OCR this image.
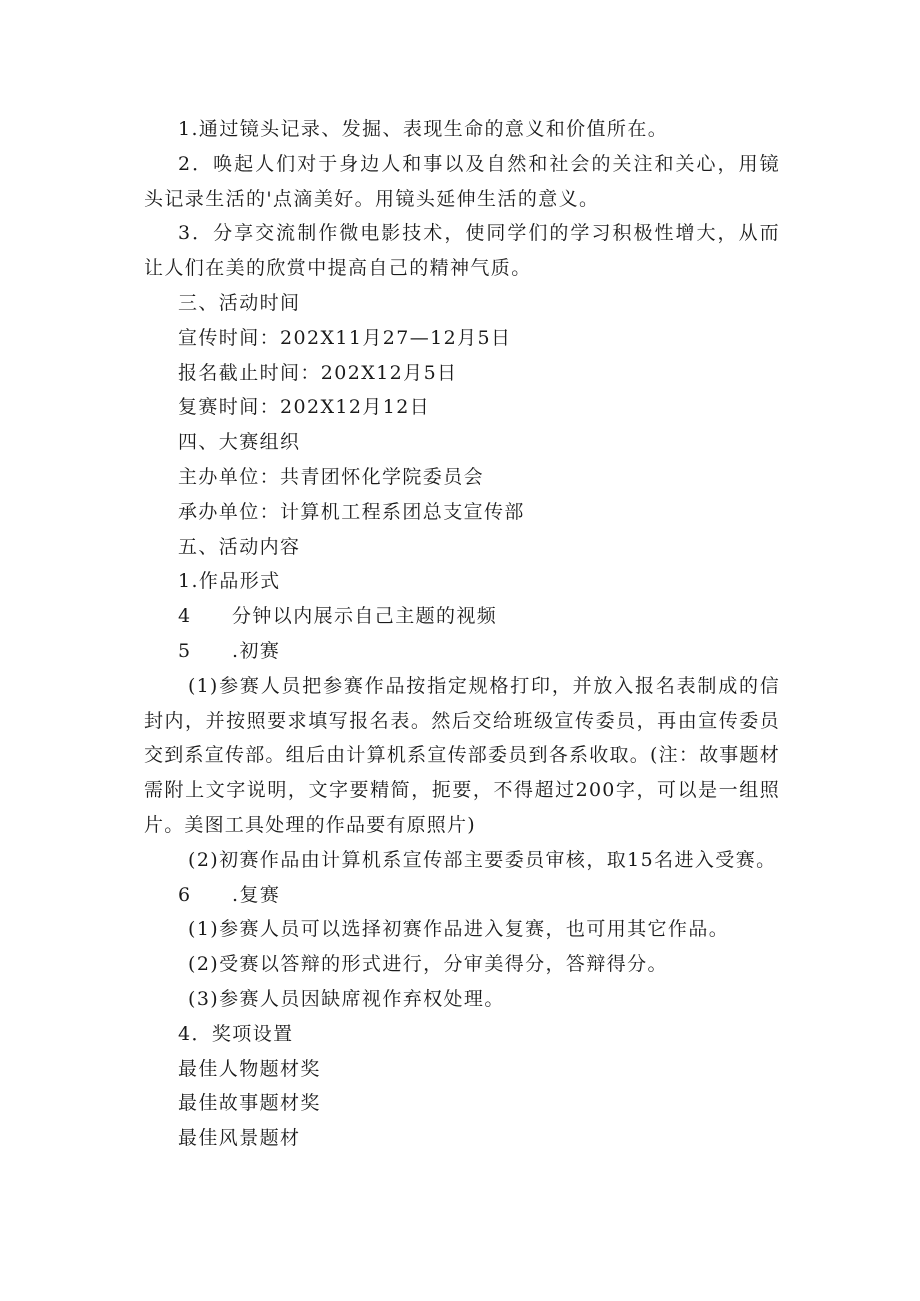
1.通过镜头记录、发掘、表现生命的意义和价值所在。

2．唤起人们对于身边人和事以及自然和社会的关注和关心，用镜头记录生活的'点滴美好。用镜头延伸生活的意义。

3．分享交流制作微电影技术，使同学们的学习积极性增大，从而让人们在美的欣赏中提高自己的精神气质。

三、活动时间

宣传时间：202X11月27—12月5日

报名截止时间：202X12月5日

复赛时间：202X12月12日

四、大赛组织

主办单位：共青团怀化学院委员会

承办单位：计算机工程系团总支宣传部

五、活动内容

1.作品形式

4 分钟以内展示自己主题的视频

5 .初赛

(1)参赛人员把参赛作品按指定规格打印，并放入报名表制成的信封内，并按照要求填写报名表。然后交给班级宣传委员，再由宣传委员交到系宣传部。组后由计算机系宣传部委员到各系收取。(注：故事题材需附上文字说明，文字要精简，扼要，不得超过200字，可以是一组照片。美图工具处理的作品要有原照片)

(2)初赛作品由计算机系宣传部主要委员审核，取15名进入受赛。

6 .复赛

(1)参赛人员可以选择初赛作品进入复赛，也可用其它作品。

(2)受赛以答辩的形式进行，分审美得分，答辩得分。

(3)参赛人员因缺席视作弃权处理。

4．奖项设置

最佳人物题材奖

最佳故事题材奖

最佳风景题材
